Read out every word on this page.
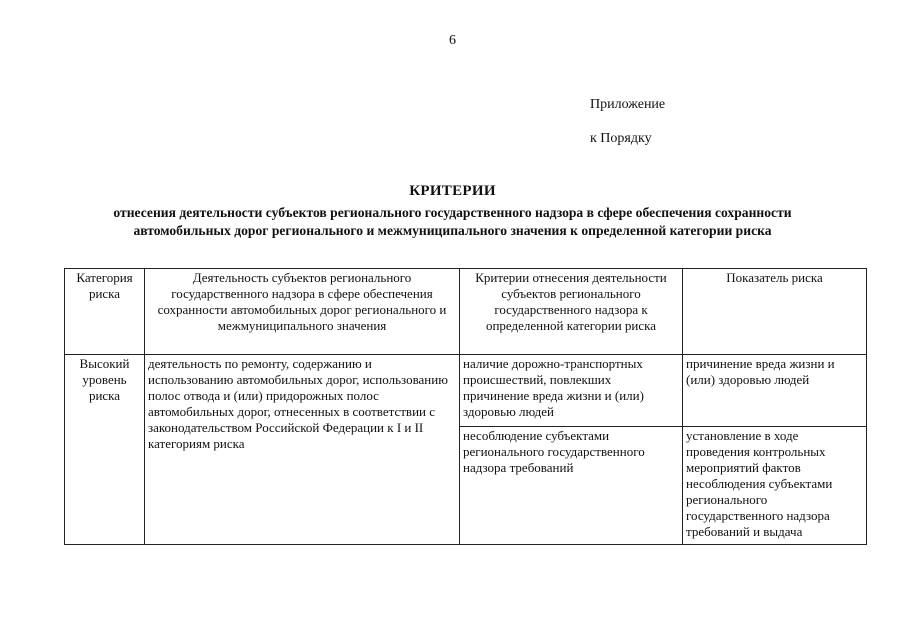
6
Приложение
к Порядку
КРИТЕРИИ
отнесения деятельности субъектов регионального государственного надзора в сфере обеспечения сохранности
автомобильных дорог регионального и межмуниципального значения к определенной категории риска
Категория риска	Деятельность субъектов регионального государственного надзора в сфере обеспечения сохранности автомобильных дорог регионального и межмуниципального значения	Критерии отнесения деятельности субъектов регионального государственного надзора к определенной категории риска	Показатель риска
Высокий уровень риска	деятельность по ремонту, содержанию и использованию автомобильных дорог, использованию полос отвода и (или) придорожных полос автомобильных дорог, отнесенных в соответствии с законодательством Российской Федерации к I и II категориям риска	наличие дорожно-транспортных происшествий, повлекших причинение вреда жизни и (или) здоровью людей	причинение вреда жизни и (или) здоровью людей
		несоблюдение субъектами регионального государственного надзора требований	установление в ходе проведения контрольных мероприятий фактов несоблюдения субъектами регионального государственного надзора требований и выдача
